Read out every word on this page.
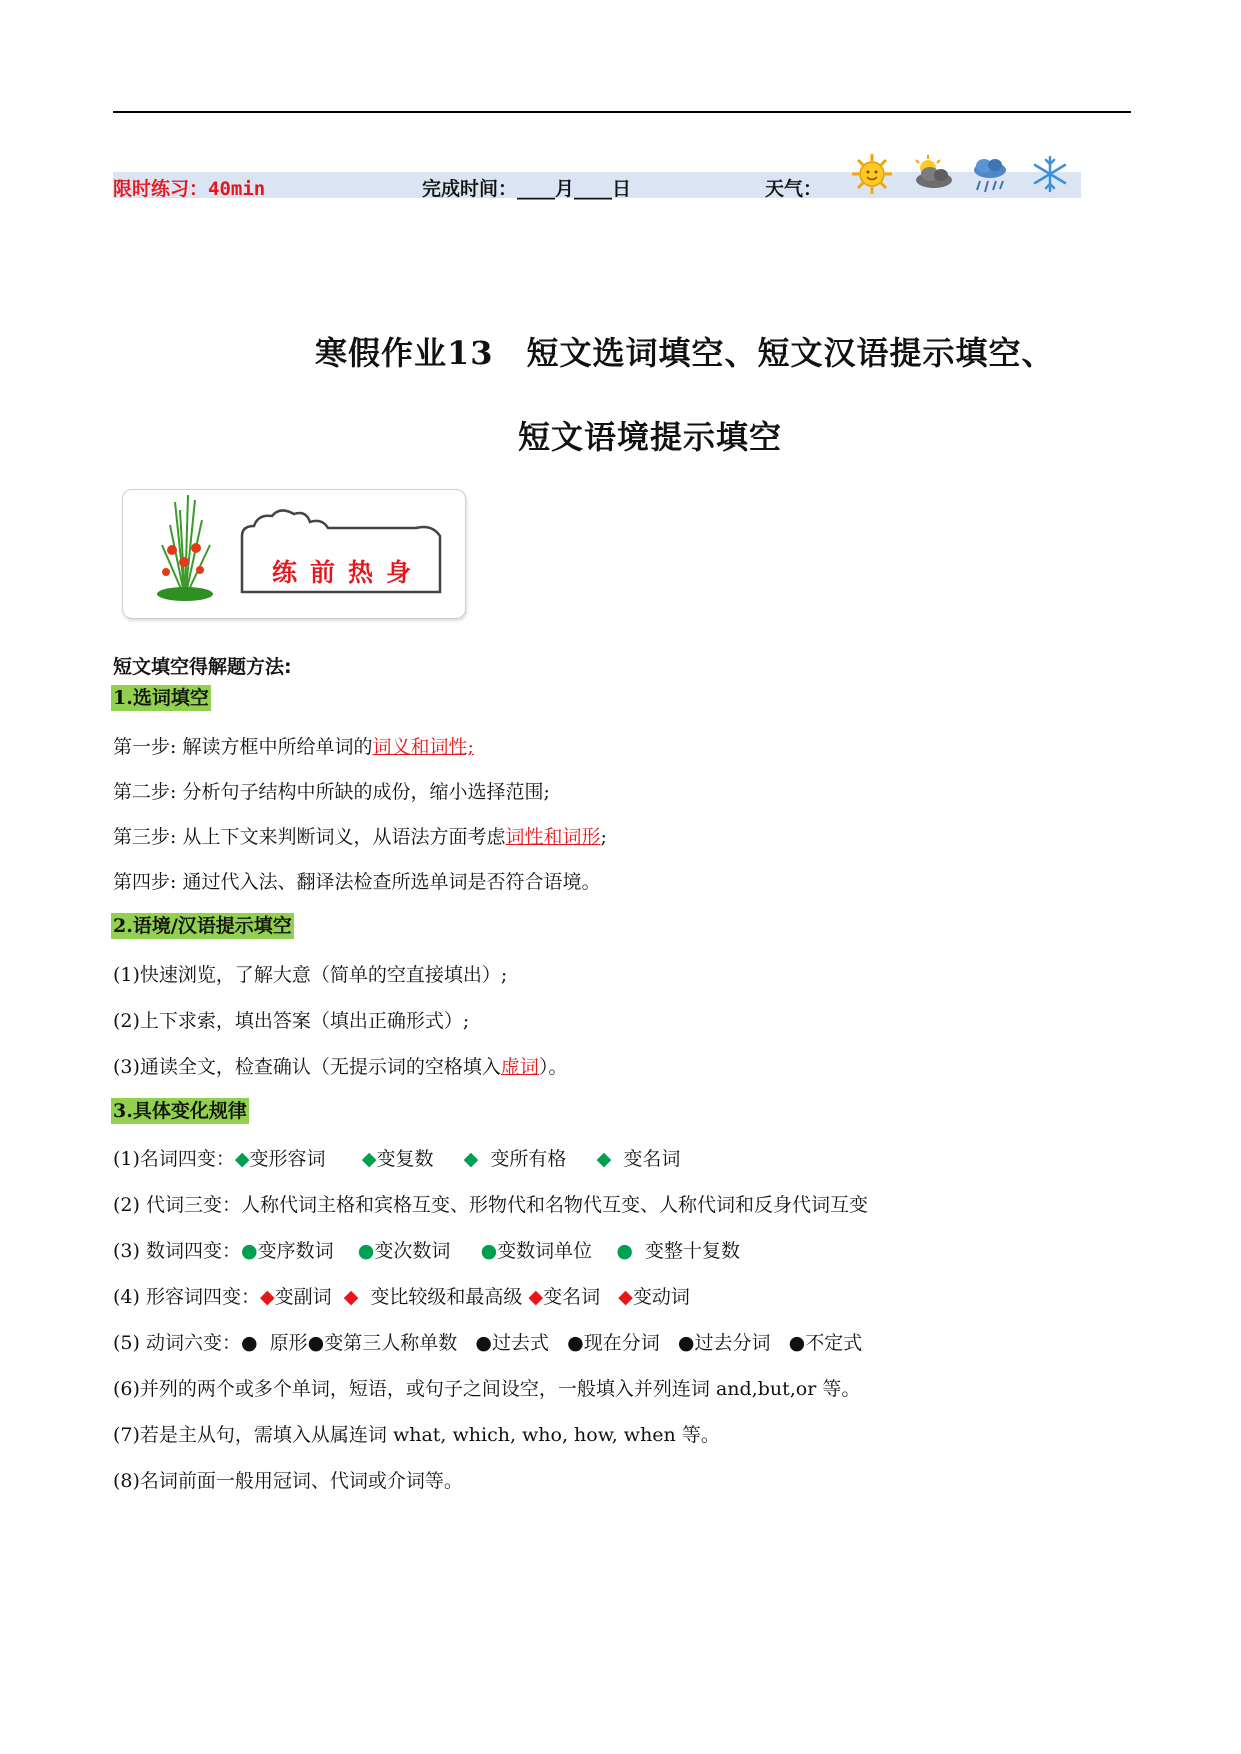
限时练习：40min	完成时间：____月____日	天气：
寒假作业13　短文选词填空、短文汉语提示填空、
短文语境提示填空
练前热身
短文填空得解题方法:
1.选词填空
第一步: 解读方框中所给单词的词义和词性;
第二步: 分析句子结构中所缺的成份，缩小选择范围;
第三步: 从上下文来判断词义，从语法方面考虑词性和词形;
第四步: 通过代入法、翻译法检查所选单词是否符合语境。
2.语境/汉语提示填空
(1)快速浏览，了解大意（简单的空直接填出）;
(2)上下求索，填出答案（填出正确形式）;
(3)通读全文，检查确认（无提示词的空格填入虚词）。
3.具体变化规律
(1)名词四变：◆变形容词 ◆变复数 ◆ 变所有格 ◆ 变名词
(2) 代词三变：人称代词主格和宾格互变、形物代和名物代互变、人称代词和反身代词互变
(3) 数词四变：●变序数词 ●变次数词 ●变数词单位 ● 变整十复数
(4) 形容词四变：◆变副词 ◆ 变比较级和最高级 ◆变名词 ◆变动词
(5) 动词六变：● 原形●变第三人称单数 ●过去式 ●现在分词 ●过去分词 ●不定式
(6)并列的两个或多个单词，短语，或句子之间设空，一般填入并列连词 and,but,or 等。
(7)若是主从句，需填入从属连词 what, which, who, how, when 等。
(8)名词前面一般用冠词、代词或介词等。
